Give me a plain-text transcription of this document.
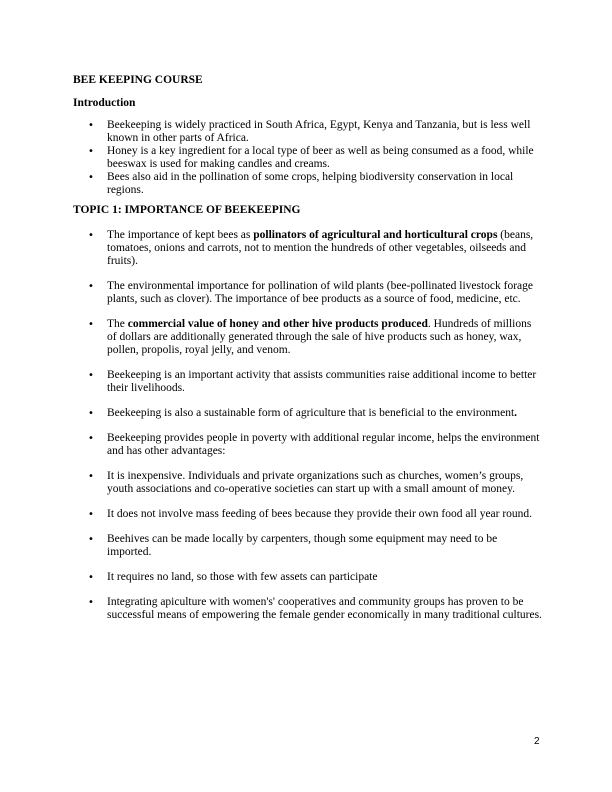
BEE KEEPING COURSE
Introduction
• Beekeeping is widely practiced in South Africa, Egypt, Kenya and Tanzania, but is less well known in other parts of Africa.
• Honey is a key ingredient for a local type of beer as well as being consumed as a food, while beeswax is used for making candles and creams.
• Bees also aid in the pollination of some crops, helping biodiversity conservation in local regions.
TOPIC 1: IMPORTANCE OF BEEKEEPING
• The importance of kept bees as pollinators of agricultural and horticultural crops (beans, tomatoes, onions and carrots, not to mention the hundreds of other vegetables, oilseeds and fruits).
• The environmental importance for pollination of wild plants (bee-pollinated livestock forage plants, such as clover). The importance of bee products as a source of food, medicine, etc.
• The commercial value of honey and other hive products produced. Hundreds of millions of dollars are additionally generated through the sale of hive products such as honey, wax, pollen, propolis, royal jelly, and venom.
• Beekeeping is an important activity that assists communities raise additional income to better their livelihoods.
• Beekeeping is also a sustainable form of agriculture that is beneficial to the environment.
• Beekeeping provides people in poverty with additional regular income, helps the environment and has other advantages:
• It is inexpensive. Individuals and private organizations such as churches, women’s groups, youth associations and co-operative societies can start up with a small amount of money.
• It does not involve mass feeding of bees because they provide their own food all year round.
• Beehives can be made locally by carpenters, though some equipment may need to be imported.
• It requires no land, so those with few assets can participate
• Integrating apiculture with women's' cooperatives and community groups has proven to be successful means of empowering the female gender economically in many traditional cultures.
2
